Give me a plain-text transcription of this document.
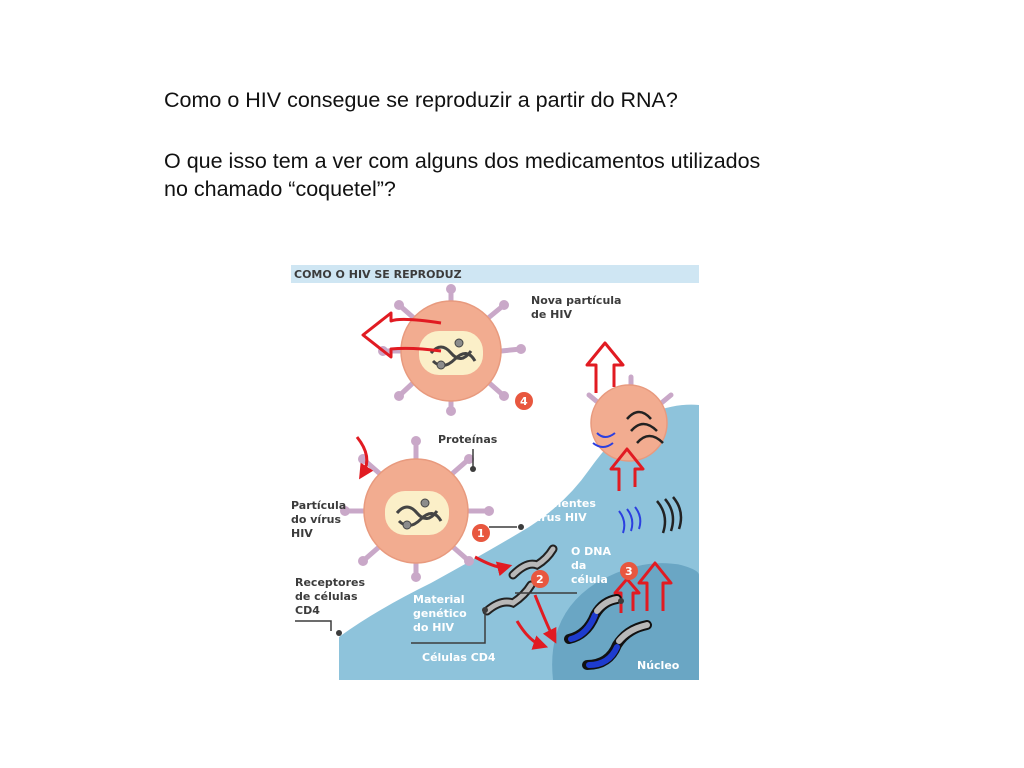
Como o HIV consegue se reproduzir a partir do RNA?

O que isso tem a ver com alguns dos medicamentos utilizados
no chamado “coquetel”?

COMO O HIV SE REPRODUZ
4
1
2
3
Nova partícula
de HIV
Proteínas
Partícula
do vírus
HIV
Receptores
de células
CD4
Componentes
do vírus HIV
O DNA
da
célula
Material
genético
do HIV
Células CD4
Núcleo
